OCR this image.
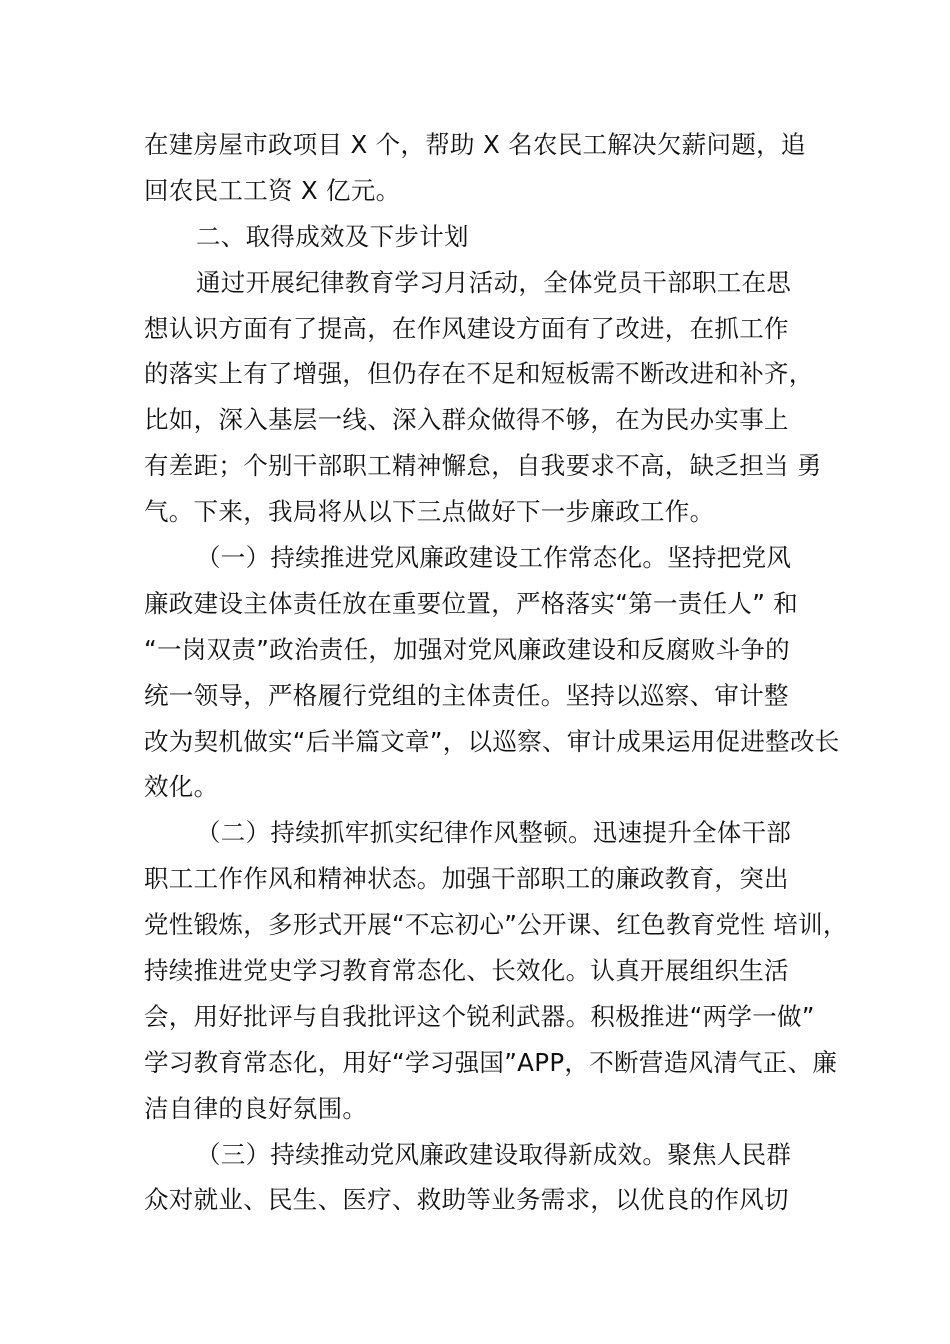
在建房屋市政项目 X 个，帮助 X 名农民工解决欠薪问题，追
回农民工工资 X 亿元。
二、取得成效及下步计划
通过开展纪律教育学习月活动，全体党员干部职工在思
想认识方面有了提高，在作风建设方面有了改进，在抓工作
的落实上有了增强，但仍存在不足和短板需不断改进和补齐，
比如，深入基层一线、深入群众做得不够，在为民办实事上
有差距；个别干部职工精神懈怠，自我要求不高，缺乏担当 勇
气。下来，我局将从以下三点做好下一步廉政工作。
（一）持续推进党风廉政建设工作常态化。坚持把党风
廉政建设主体责任放在重要位置，严格落实“第一责任人” 和
“一岗双责”政治责任，加强对党风廉政建设和反腐败斗争的
统一领导，严格履行党组的主体责任。坚持以巡察、审计整
改为契机做实“后半篇文章”，以巡察、审计成果运用促进整改长
效化。
（二）持续抓牢抓实纪律作风整顿。迅速提升全体干部
职工工作作风和精神状态。加强干部职工的廉政教育，突出
党性锻炼，多形式开展“不忘初心”公开课、红色教育党性 培训，
持续推进党史学习教育常态化、长效化。认真开展组织生活
会，用好批评与自我批评这个锐利武器。积极推进“两学一做”
学习教育常态化，用好“学习强国”APP，不断营造风清气正、廉
洁自律的良好氛围。
（三）持续推动党风廉政建设取得新成效。聚焦人民群
众对就业、民生、医疗、救助等业务需求，以优良的作风切
